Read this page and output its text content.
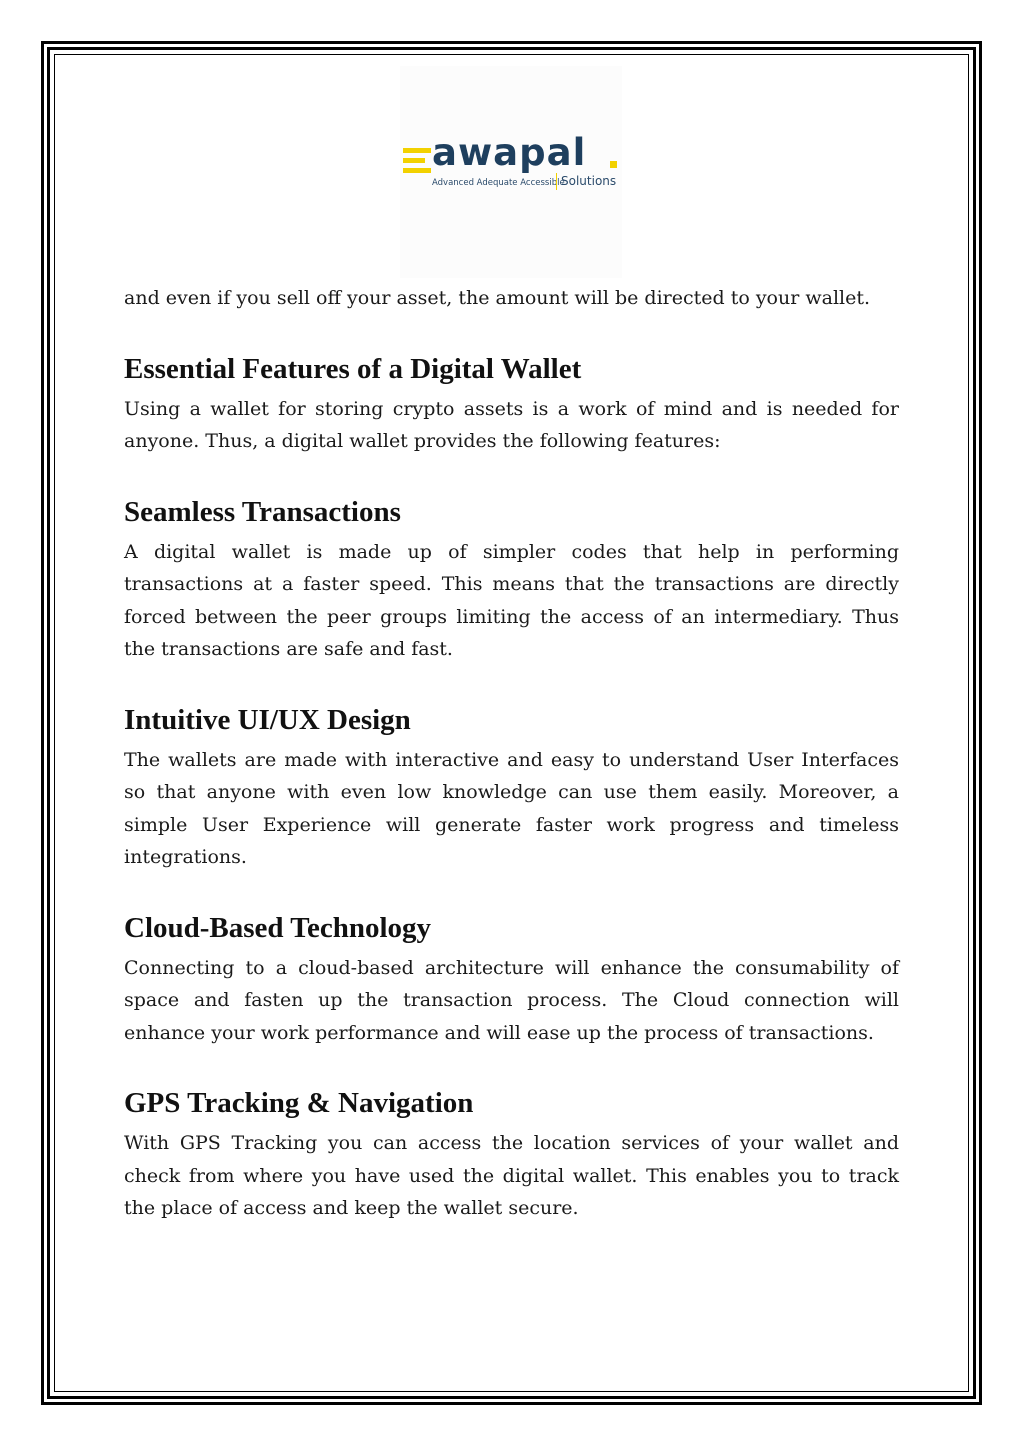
awapal
Advanced Adequate Accessible
Solutions

and even if you sell off your asset, the amount will be directed to your wallet.

Essential Features of a Digital Wallet

Using a wallet for storing crypto assets is a work of mind and is needed for anyone. Thus, a digital wallet provides the following features:

Seamless Transactions

A digital wallet is made up of simpler codes that help in performing transactions at a faster speed. This means that the transactions are directly forced between the peer groups limiting the access of an intermediary. Thus the transactions are safe and fast.

Intuitive UI/UX Design

The wallets are made with interactive and easy to understand User Interfaces so that anyone with even low knowledge can use them easily. Moreover, a simple User Experience will generate faster work progress and timeless integrations.

Cloud-Based Technology

Connecting to a cloud-based architecture will enhance the consumability of space and fasten up the transaction process. The Cloud connection will enhance your work performance and will ease up the process of transactions.

GPS Tracking & Navigation

With GPS Tracking you can access the location services of your wallet and check from where you have used the digital wallet. This enables you to track the place of access and keep the wallet secure.
